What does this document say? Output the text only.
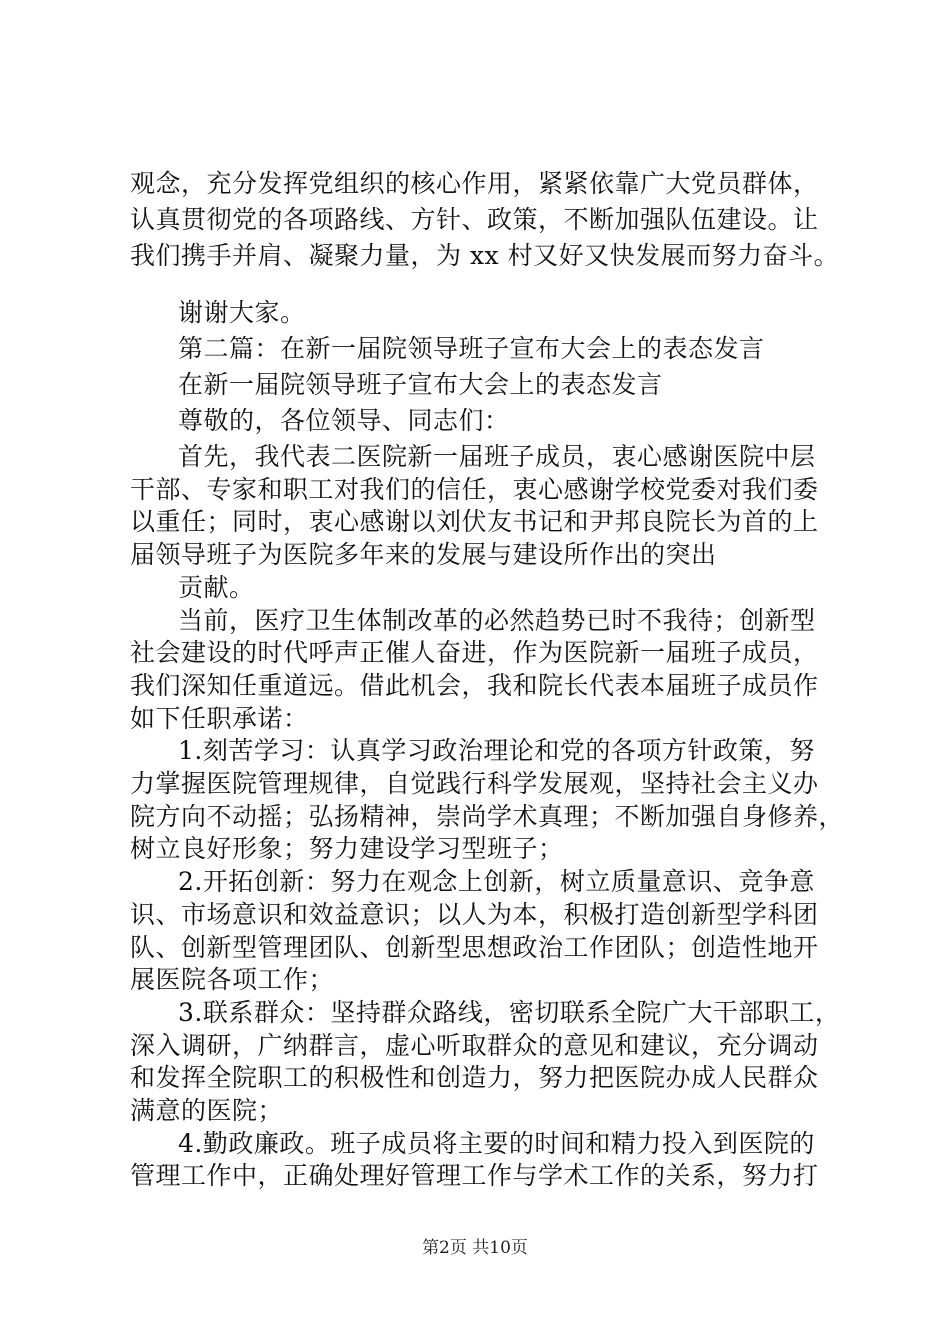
观念，充分发挥党组织的核心作用，紧紧依靠广大党员群体，
认真贯彻党的各项路线、方针、政策，不断加强队伍建设。让
我们携手并肩、凝聚力量，为 xx 村又好又快发展而努力奋斗。
谢谢大家。
第二篇：在新一届院领导班子宣布大会上的表态发言
在新一届院领导班子宣布大会上的表态发言
尊敬的，各位领导、同志们：
首先，我代表二医院新一届班子成员，衷心感谢医院中层
干部、专家和职工对我们的信任，衷心感谢学校党委对我们委
以重任；同时，衷心感谢以刘伏友书记和尹邦良院长为首的上
届领导班子为医院多年来的发展与建设所作出的突出
贡献。
当前，医疗卫生体制改革的必然趋势已时不我待；创新型
社会建设的时代呼声正催人奋进，作为医院新一届班子成员，
我们深知任重道远。借此机会，我和院长代表本届班子成员作
如下任职承诺：
1.刻苦学习：认真学习政治理论和党的各项方针政策，努
力掌握医院管理规律，自觉践行科学发展观，坚持社会主义办
院方向不动摇；弘扬精神，崇尚学术真理；不断加强自身修养，
树立良好形象；努力建设学习型班子；
2.开拓创新：努力在观念上创新，树立质量意识、竞争意
识、市场意识和效益意识；以人为本，积极打造创新型学科团
队、创新型管理团队、创新型思想政治工作团队；创造性地开
展医院各项工作；
3.联系群众：坚持群众路线，密切联系全院广大干部职工，
深入调研，广纳群言，虚心听取群众的意见和建议，充分调动
和发挥全院职工的积极性和创造力，努力把医院办成人民群众
满意的医院；
4.勤政廉政。班子成员将主要的时间和精力投入到医院的
管理工作中，正确处理好管理工作与学术工作的关系，努力打
第2页 共10页
